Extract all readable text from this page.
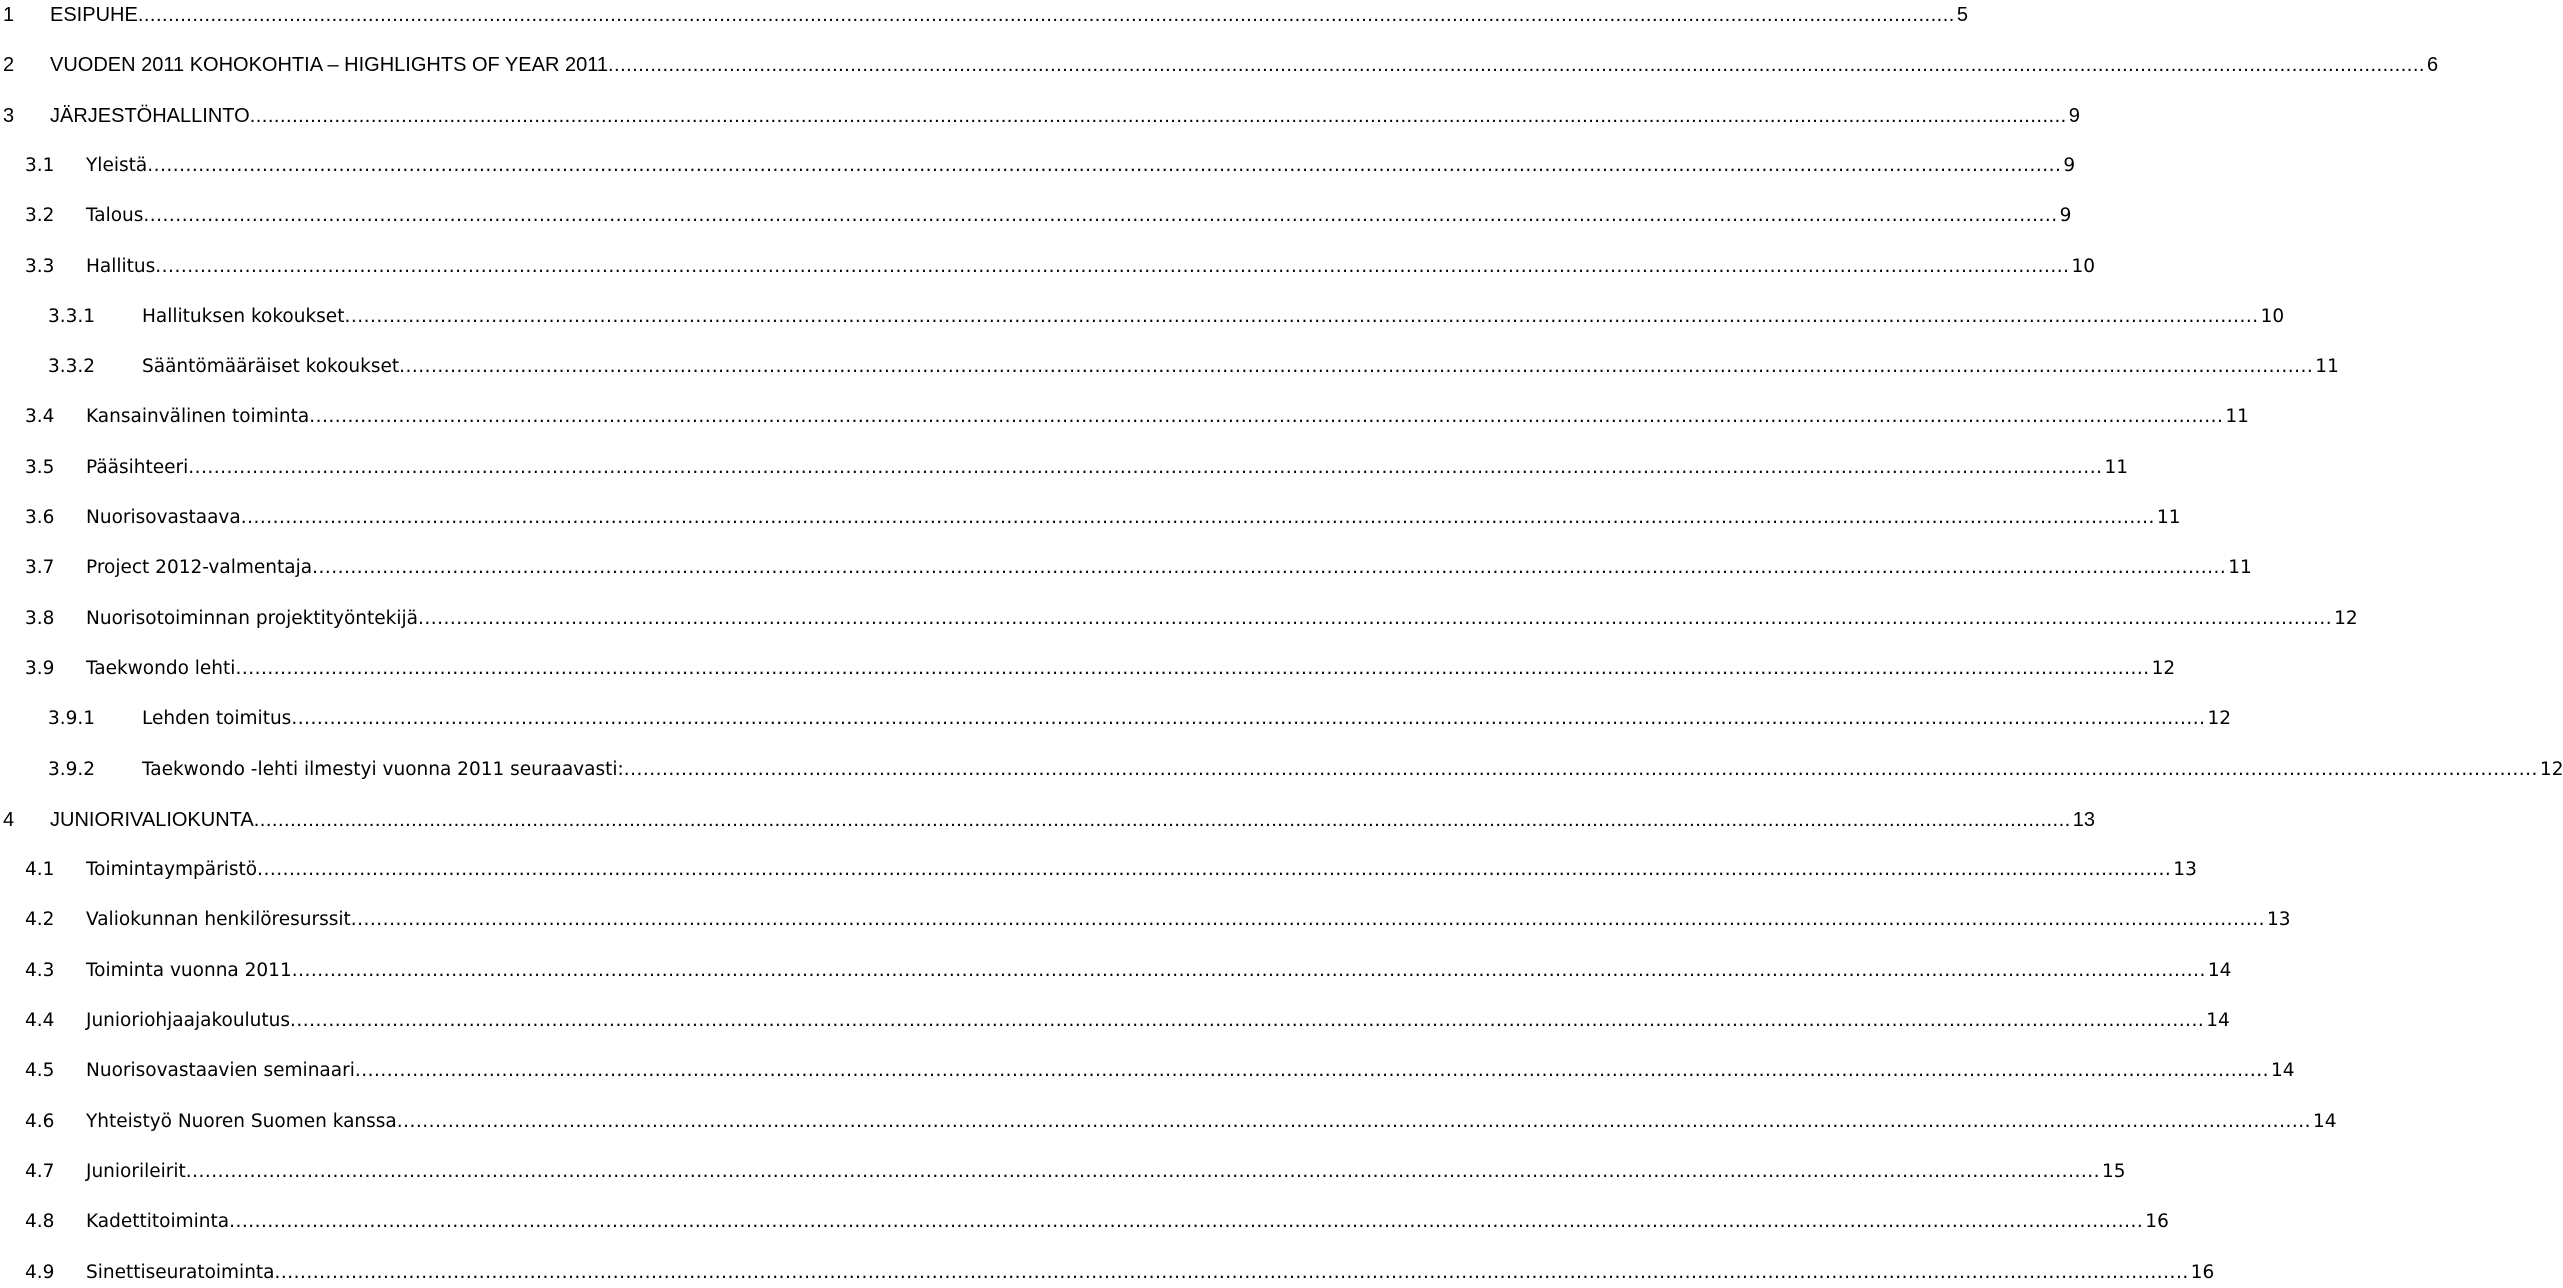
1 ESIPUHE ............................................................................................................................................................................................................................................................................................................ 5
2 VUODEN 2011 KOHOKOHTIA – HIGHLIGHTS OF YEAR 2011 ............................................................................................................................................................................................................................................................................................................ 6
3 JÄRJESTÖHALLINTO ............................................................................................................................................................................................................................................................................................................ 9
3.1 Yleistä ............................................................................................................................................................................................................................................................................................................ 9
3.2 Talous ............................................................................................................................................................................................................................................................................................................ 9
3.3 Hallitus ............................................................................................................................................................................................................................................................................................................ 10
3.3.1	Hallituksen kokoukset ............................................................................................................................................................................................................................................................................................................ 10
3.3.2	Sääntömääräiset kokoukset ............................................................................................................................................................................................................................................................................................................ 11
3.4 Kansainvälinen toiminta ............................................................................................................................................................................................................................................................................................................ 11
3.5 Pääsihteeri ............................................................................................................................................................................................................................................................................................................ 11
3.6 Nuorisovastaava ............................................................................................................................................................................................................................................................................................................ 11
3.7 Project 2012-valmentaja ............................................................................................................................................................................................................................................................................................................ 11
3.8 Nuorisotoiminnan projektityöntekijä ............................................................................................................................................................................................................................................................................................................ 12
3.9 Taekwondo lehti ............................................................................................................................................................................................................................................................................................................ 12
3.9.1	Lehden toimitus ............................................................................................................................................................................................................................................................................................................ 12
3.9.2	Taekwondo -lehti ilmestyi vuonna 2011 seuraavasti: ............................................................................................................................................................................................................................................................................................................ 12
4 JUNIORIVALIOKUNTA ............................................................................................................................................................................................................................................................................................................ 13
4.1 Toimintaympäristö ............................................................................................................................................................................................................................................................................................................ 13
4.2 Valiokunnan henkilöresurssit ............................................................................................................................................................................................................................................................................................................ 13
4.3 Toiminta vuonna 2011 ............................................................................................................................................................................................................................................................................................................ 14
4.4 Junioriohjaajakoulutus ............................................................................................................................................................................................................................................................................................................ 14
4.5 Nuorisovastaavien seminaari ............................................................................................................................................................................................................................................................................................................ 14
4.6 Yhteistyö Nuoren Suomen kanssa ............................................................................................................................................................................................................................................................................................................ 14
4.7 Juniorileirit ............................................................................................................................................................................................................................................................................................................ 15
4.8 Kadettitoiminta ............................................................................................................................................................................................................................................................................................................ 16
4.9 Sinettiseuratoiminta ............................................................................................................................................................................................................................................................................................................ 16
